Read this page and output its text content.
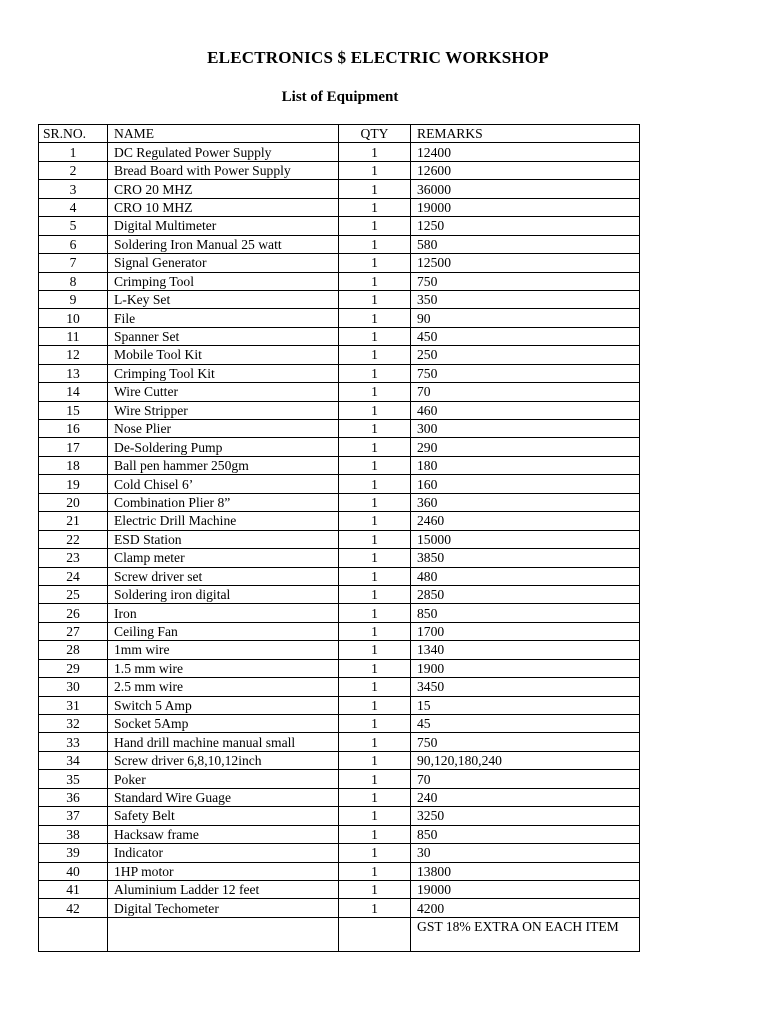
ELECTRONICS $ ELECTRIC WORKSHOP
List of Equipment
SR.NO.	NAME	QTY	REMARKS
1	DC Regulated Power Supply	1	12400
2	Bread Board with Power Supply	1	12600
3	CRO 20 MHZ	1	36000
4	CRO 10 MHZ	1	19000
5	Digital Multimeter	1	1250
6	Soldering Iron Manual 25 watt	1	580
7	Signal Generator	1	12500
8	Crimping Tool	1	750
9	L-Key Set	1	350
10	File	1	90
11	Spanner Set	1	450
12	Mobile Tool Kit	1	250
13	Crimping Tool Kit	1	750
14	Wire Cutter	1	70
15	Wire Stripper	1	460
16	Nose Plier	1	300
17	De-Soldering Pump	1	290
18	Ball pen hammer 250gm	1	180
19	Cold Chisel 6’	1	160
20	Combination Plier 8”	1	360
21	Electric Drill Machine	1	2460
22	ESD Station	1	15000
23	Clamp meter	1	3850
24	Screw driver set	1	480
25	Soldering iron digital	1	2850
26	Iron	1	850
27	Ceiling Fan	1	1700
28	1mm wire	1	1340
29	1.5 mm wire	1	1900
30	2.5 mm wire	1	3450
31	Switch 5 Amp	1	15
32	Socket 5Amp	1	45
33	Hand drill machine manual small	1	750
34	Screw driver 6,8,10,12inch	1	90,120,180,240
35	Poker	1	70
36	Standard Wire Guage	1	240
37	Safety Belt	1	3250
38	Hacksaw frame	1	850
39	Indicator	1	30
40	1HP motor	1	13800
41	Aluminium Ladder 12 feet	1	19000
42	Digital Techometer	1	4200
			GST 18% EXTRA ON EACH ITEM
